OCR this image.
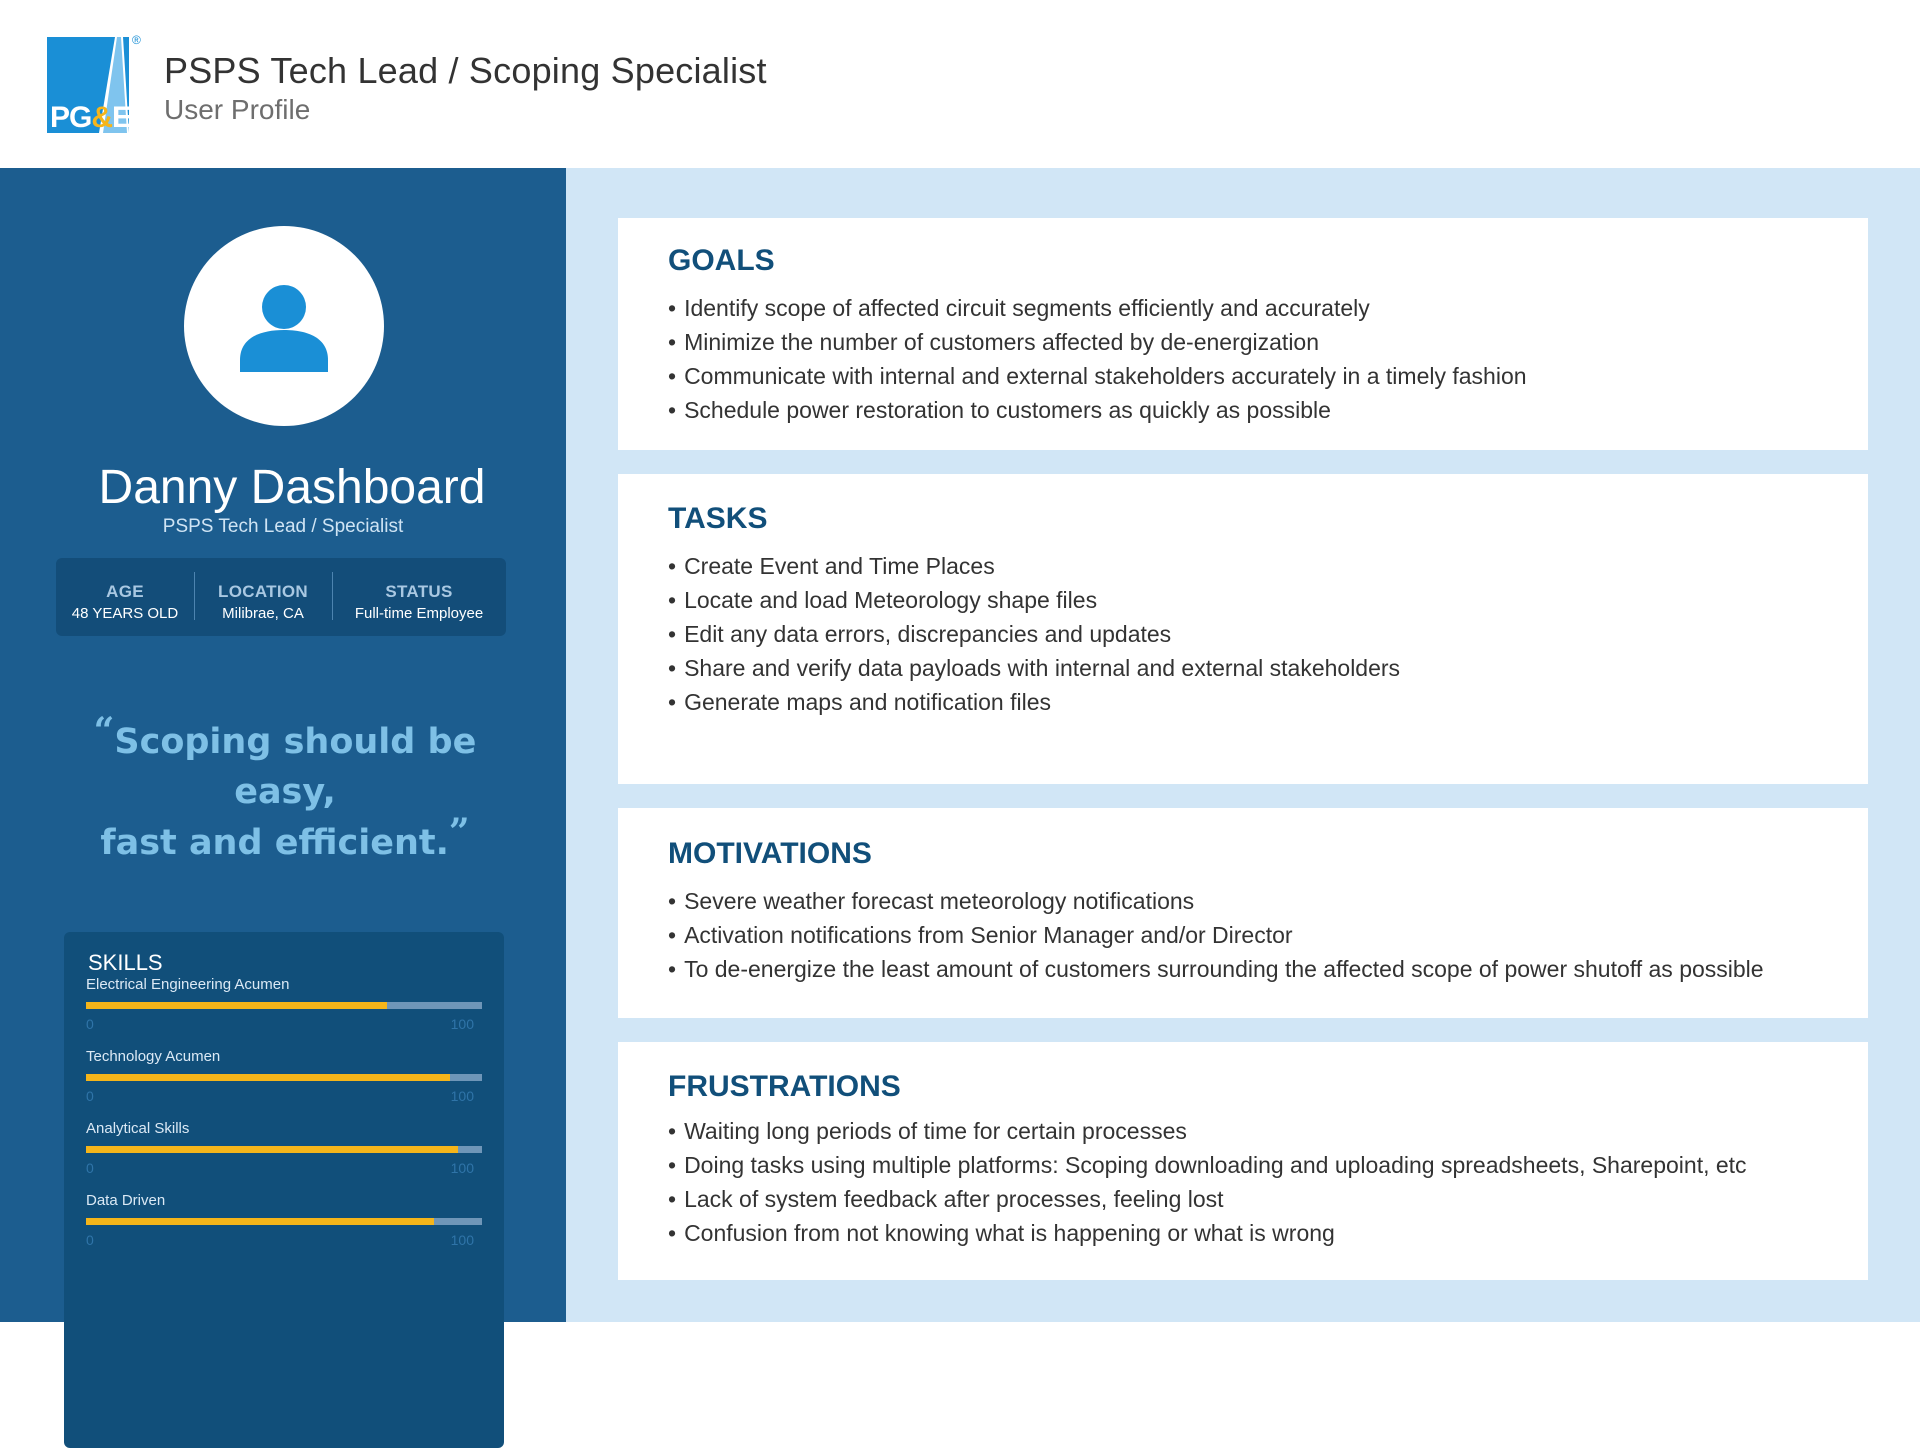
PG&E
®
PSPS Tech Lead / Scoping Specialist
User Profile
Danny Dashboard
PSPS Tech Lead / Specialist
AGE
48 YEARS OLD
LOCATION
Milibrae, CA
STATUS
Full-time Employee
“Scoping should be easy,
fast and efficient.”
SKILLS
Electrical Engineering Acumen
0	100
Technology Acumen
0	100
Analytical Skills
0	100
Data Driven
0	100
GOALS
• Identify scope of affected circuit segments efficiently and accurately
• Minimize the number of customers affected by de-energization
• Communicate with internal and external stakeholders accurately in a timely fashion
• Schedule power restoration to customers as quickly as possible
TASKS
• Create Event and Time Places
• Locate and load Meteorology shape files
• Edit any data errors, discrepancies and updates
• Share and verify data payloads with internal and external stakeholders
• Generate maps and notification files
MOTIVATIONS
• Severe weather forecast meteorology notifications
• Activation notifications from Senior Manager and/or Director
• To de-energize the least amount of customers surrounding the affected scope of power shutoff as possible
FRUSTRATIONS
• Waiting long periods of time for certain processes
• Doing tasks using multiple platforms: Scoping downloading and uploading spreadsheets, Sharepoint, etc
• Lack of system feedback after processes, feeling lost
• Confusion from not knowing what is happening or what is wrong
